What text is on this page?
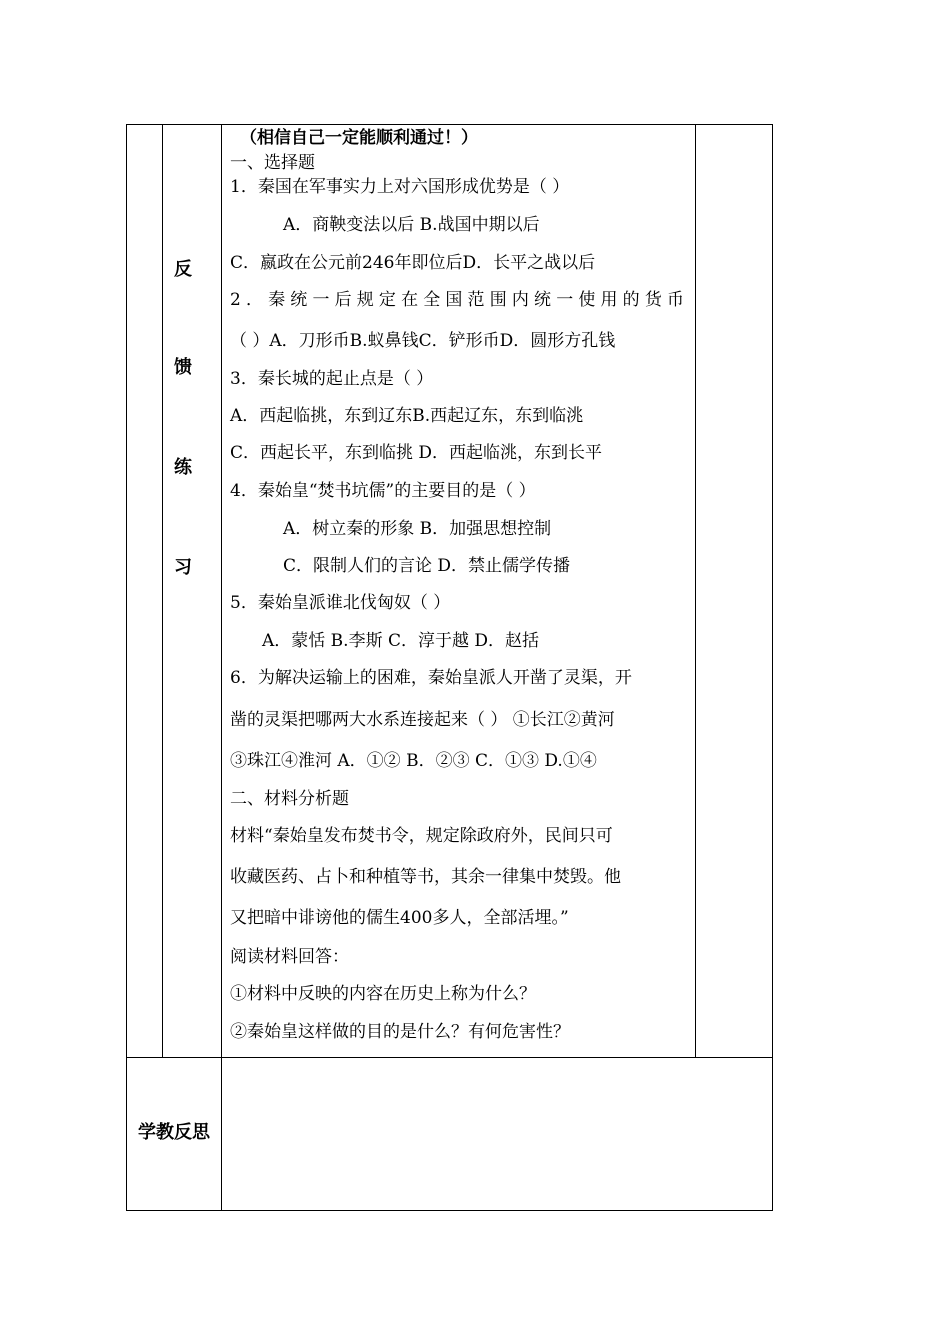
反
馈
练
习
学教反思
（相信自己一定能顺利通过！）
一、选择题
1．秦国在军事实力上对六国形成优势是（ ）
A．商鞅变法以后 B.战国中期以后
C．嬴政在公元前246年即位后D．长平之战以后
2．秦统一后规定在全国范围内统一使用的货币
（ ）A．刀形币B.蚁鼻钱C．铲形币D．圆形方孔钱
3．秦长城的起止点是（ ）
A．西起临挑，东到辽东B.西起辽东，东到临洮
C．西起长平，东到临挑 D．西起临洮，东到长平
4．秦始皇“焚书坑儒”的主要目的是（ ）
A．树立秦的形象 B．加强思想控制
C．限制人们的言论 D．禁止儒学传播
5．秦始皇派谁北伐匈奴（ ）
A．蒙恬 B.李斯 C．淳于越 D．赵括
6．为解决运输上的困难，秦始皇派人开凿了灵渠，开
凿的灵渠把哪两大水系连接起来（ ） ①长江②黄河
③珠江④淮河 A．①② B．②③ C．①③ D.①④
二、材料分析题
材料“秦始皇发布焚书令，规定除政府外，民间只可
收藏医药、占卜和种植等书，其余一律集中焚毁。他
又把暗中诽谤他的儒生400多人，全部活埋。”
阅读材料回答：
①材料中反映的内容在历史上称为什么？
②秦始皇这样做的目的是什么？有何危害性？
